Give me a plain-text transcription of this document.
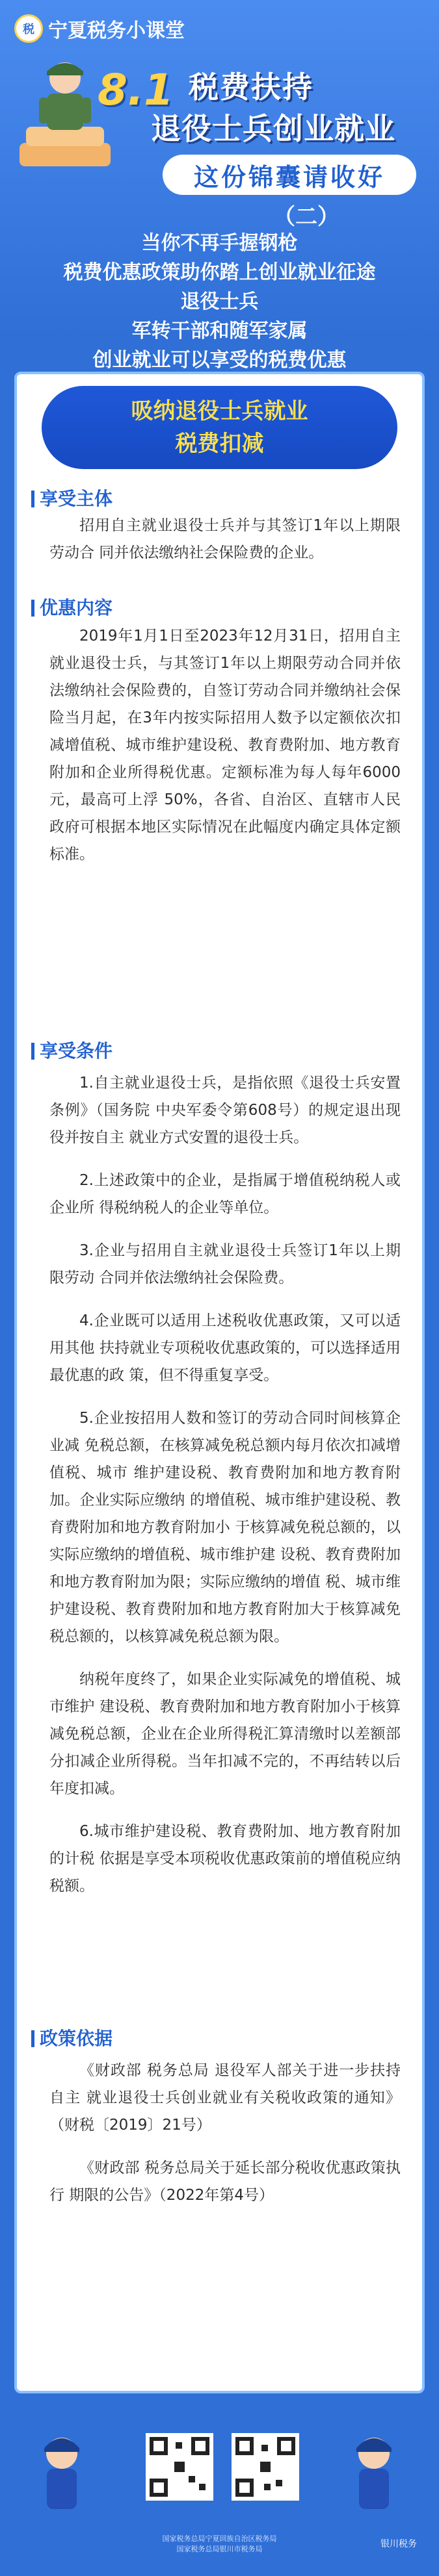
税 宁夏税务小课堂
8.1 税费扶持
退役士兵创业就业
这份锦囊请收好
（二）
当你不再手握钢枪
税费优惠政策助你踏上创业就业征途
退役士兵
军转干部和随军家属
创业就业可以享受的税费优惠
吸纳退役士兵就业
税费扣减
享受主体

招用自主就业退役士兵并与其签订1年以上期限劳动合 同并依法缴纳社会保险费的企业。

优惠内容

2019年1月1日至2023年12月31日，招用自主就业退役士兵，与其签订1年以上期限劳动合同并依法缴纳社会保险费的，自签订劳动合同并缴纳社会保险当月起，在3年内按实际招用人数予以定额依次扣减增值税、城市维护建设税、教育费附加、地方教育附加和企业所得税优惠。定额标准为每人每年6000元，最高可上浮 50%，各省、自治区、直辖市人民政府可根据本地区实际情况在此幅度内确定具体定额标准。

享受条件

1.自主就业退役士兵，是指依照《退役士兵安置条例》（国务院 中央军委令第608号）的规定退出现役并按自主 就业方式安置的退役士兵。

2.上述政策中的企业，是指属于增值税纳税人或企业所 得税纳税人的企业等单位。

3.企业与招用自主就业退役士兵签订1年以上期限劳动 合同并依法缴纳社会保险费。

4.企业既可以适用上述税收优惠政策，又可以适用其他 扶持就业专项税收优惠政策的，可以选择适用最优惠的政 策，但不得重复享受。

5.企业按招用人数和签订的劳动合同时间核算企业减 免税总额，在核算减免税总额内每月依次扣减增值税、城市 维护建设税、教育费附加和地方教育附加。企业实际应缴纳 的增值税、城市维护建设税、教育费附加和地方教育附加小 于核算减免税总额的，以实际应缴纳的增值税、城市维护建 设税、教育费附加和地方教育附加为限；实际应缴纳的增值 税、城市维护建设税、教育费附加和地方教育附加大于核算减免税总额的，以核算减免税总额为限。

纳税年度终了，如果企业实际减免的增值税、城市维护 建设税、教育费附加和地方教育附加小于核算减免税总额，企业在企业所得税汇算清缴时以差额部分扣减企业所得税。当年扣减不完的，不再结转以后年度扣减。

6.城市维护建设税、教育费附加、地方教育附加的计税 依据是享受本项税收优惠政策前的增值税应纳税额。

政策依据

《财政部 税务总局 退役军人部关于进一步扶持自主 就业退役士兵创业就业有关税收政策的通知》（财税〔2019〕21号）

《财政部 税务总局关于延长部分税收优惠政策执行 期限的公告》（2022年第4号）

国家税务总局宁夏回族自治区税务局
国家税务总局银川市税务局	银川税务
